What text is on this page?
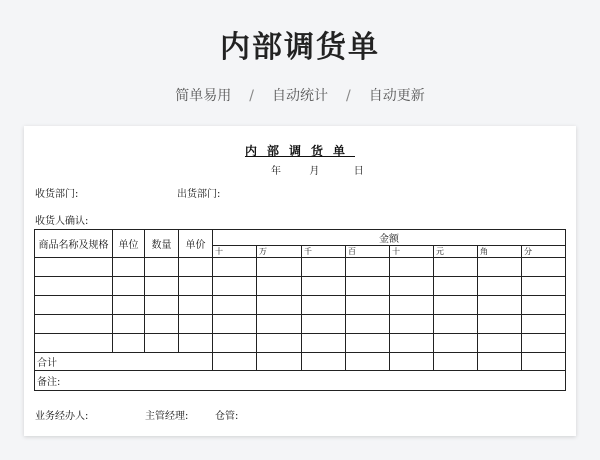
内部调货单
简单易用 / 自动统计 / 自动更新
内部调货单
年	月	日
收货部门:	出货部门:
收货人确认:
商品名称及规格	单位	数量	单价	金额							
				十	万	千	百	十	元	角	分

合计											
备注:											
业务经办人:	主管经理:	仓管:
